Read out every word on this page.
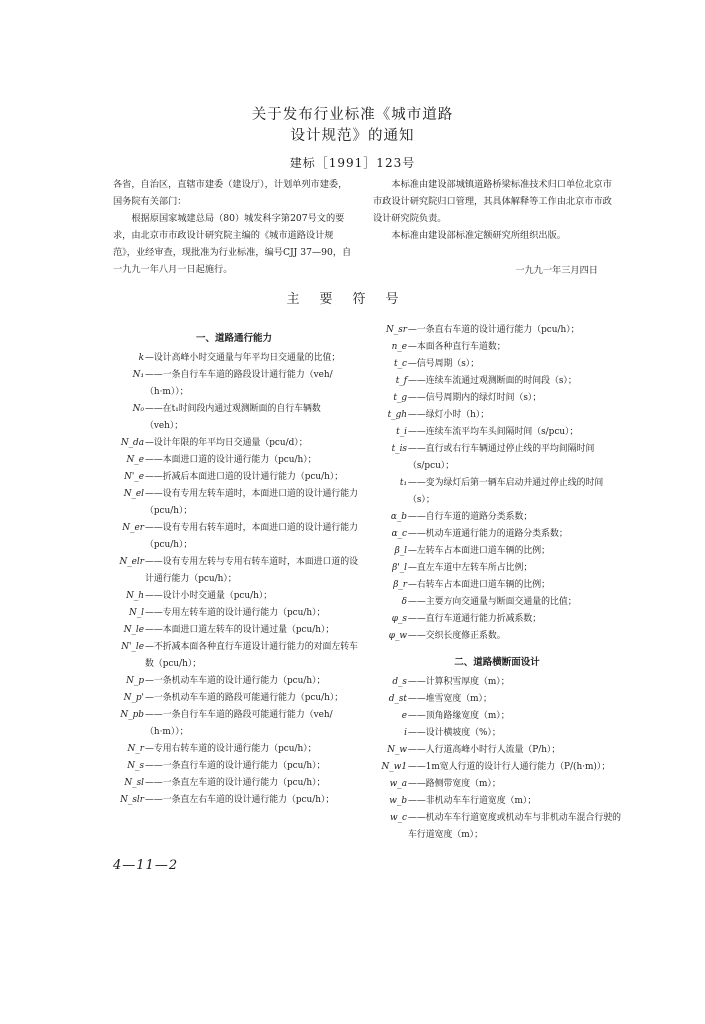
关于发布行业标准《城市道路
设计规范》的通知
建标［1991］123号
各省，自治区，直辖市建委（建设厅），计划单列市建委，国务院有关部门：
根据原国家城建总局（80）城发科字第207号文的要求，由北京市市政设计研究院主编的《城市道路设计规范》，业经审查，现批准为行业标准，编号CJJ 37—90，自一九九一年八月一日起施行。
本标准由建设部城镇道路桥梁标准技术归口单位北京市市政设计研究院归口管理，其具体解释等工作由北京市市政设计研究院负责。
本标准由建设部标准定额研究所组织出版。
一九九一年三月四日
主要符号
一、道路通行能力
k —设计高峰小时交通量与年平均日交通量的比值；
N₁ ——一条自行车车道的路段设计通行能力（veh/（h·m））；
N₀ ——在t₁时间段内通过观测断面的自行车辆数（veh）；
N_da —设计年限的年平均日交通量（pcu/d）；
N_e ——本面进口道的设计通行能力（pcu/h）；
N'_e ——折减后本面进口道的设计通行能力（pcu/h）；
N_el ——设有专用左转车道时，本面进口道的设计通行能力（pcu/h）；
N_er ——设有专用右转车道时，本面进口道的设计通行能力（pcu/h）；
N_elr ——设有专用左转与专用右转车道时，本面进口道的设计通行能力（pcu/h）；
N_h ——设计小时交通量（pcu/h）；
N_l ——专用左转车道的设计通行能力（pcu/h）；
N_le ——本面进口道左转车的设计通过量（pcu/h）；
N'_le —不折减本面各种直行车道设计通行能力的对面左转车数（pcu/h）；
N_p —一条机动车车道的设计通行能力（pcu/h）；
N_p' —一条机动车车道的路段可能通行能力（pcu/h）；
N_pb ——一条自行车车道的路段可能通行能力（veh/（h·m））；
N_r —专用右转车道的设计通行能力（pcu/h）；
N_s ——一条直行车道的设计通行能力（pcu/h）；
N_sl ——一条直左车道的设计通行能力（pcu/h）；
N_slr ——一条直左右车道的设计通行能力（pcu/h）；
N_sr —一条直右车道的设计通行能力（pcu/h）；
n_e —本面各种直行车道数；
t_c —信号周期（s）；
t_f ——连续车流通过观测断面的时间段（s）；
t_g ——信号周期内的绿灯时间（s）；
t_gh ——绿灯小时（h）；
t_i ——连续车流平均车头间隔时间（s/pcu）；
t_is ——直行或右行车辆通过停止线的平均间隔时间（s/pcu）；
t₁ ——变为绿灯后第一辆车启动并通过停止线的时间（s）；
α_b ——自行车道的道路分类系数；
α_c ——机动车道通行能力的道路分类系数；
β_l —左转车占本面进口道车辆的比例；
β'_l —直左车道中左转车所占比例；
β_r —右转车占本面进口道车辆的比例；
δ ——主要方向交通量与断面交通量的比值；
φ_s ——直行车道通行能力折减系数；
φ_w ——交织长度修正系数。
二、道路横断面设计
d_s ——计算积雪厚度（m）；
d_st ——堆雪宽度（m）；
e ——顶角路缘宽度（m）；
i ——设计横坡度（%）；
N_w ——人行道高峰小时行人流量（P/h）；
N_w1 ——1m宽人行道的设计行人通行能力（P/(h·m)）；
w_a ——路侧带宽度（m）；
w_b ——非机动车车行道宽度（m）；
w_c ——机动车车行道宽度或机动车与非机动车混合行驶的车行道宽度（m）；
4—11—2
